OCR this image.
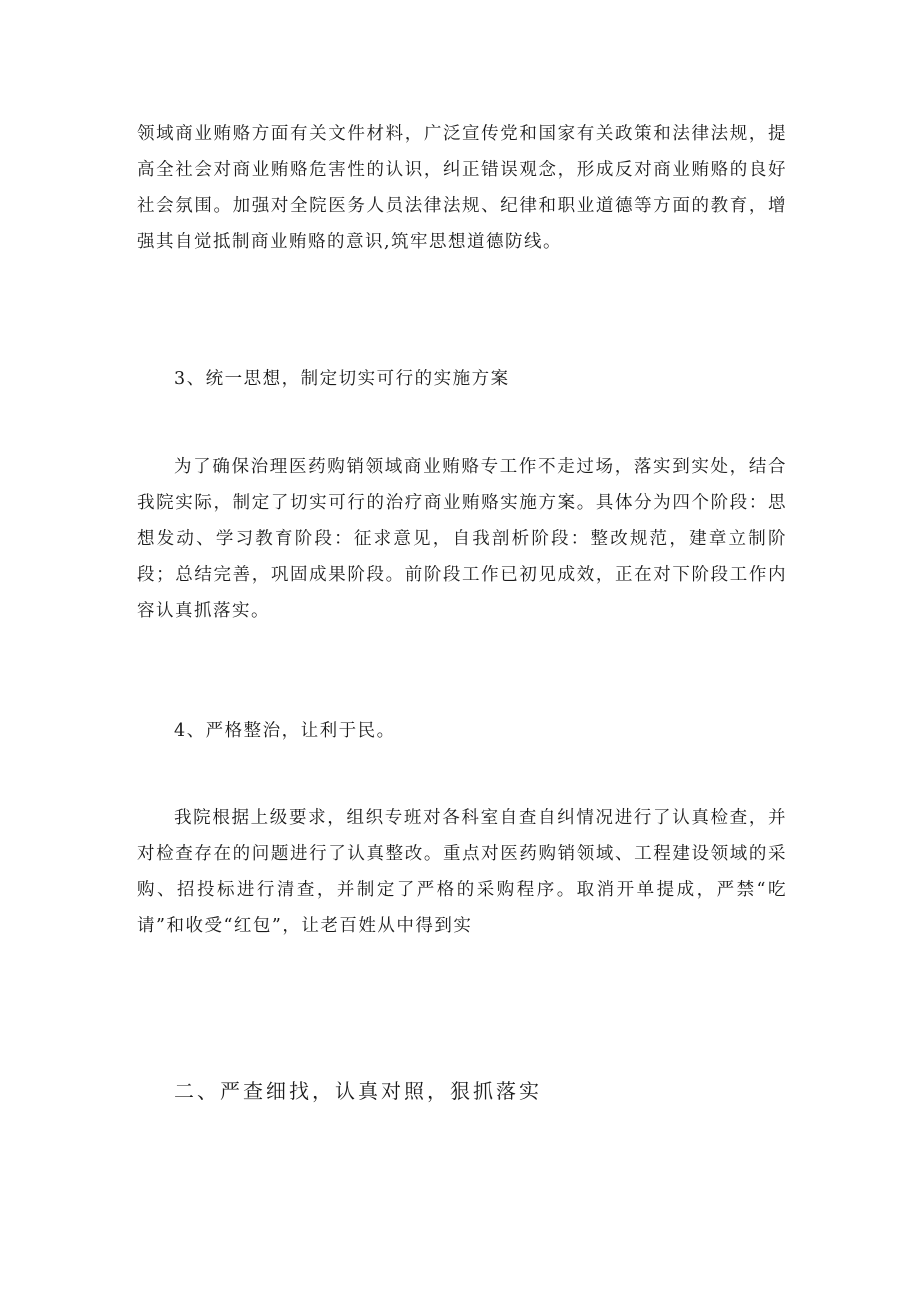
领域商业贿赂方面有关文件材料，广泛宣传党和国家有关政策和法律法规，提高全社会对商业贿赂危害性的认识，纠正错误观念，形成反对商业贿赂的良好社会氛围。加强对全院医务人员法律法规、纪律和职业道德等方面的教育，增强其自觉抵制商业贿赂的意识,筑牢思想道德防线。

3、统一思想，制定切实可行的实施方案

为了确保治理医药购销领域商业贿赂专工作不走过场，落实到实处，结合我院实际，制定了切实可行的治疗商业贿赂实施方案。具体分为四个阶段：思想发动、学习教育阶段：征求意见，自我剖析阶段：整改规范，建章立制阶段；总结完善，巩固成果阶段。前阶段工作已初见成效，正在对下阶段工作内容认真抓落实。

4、严格整治，让利于民。

我院根据上级要求，组织专班对各科室自查自纠情况进行了认真检查，并对检查存在的问题进行了认真整改。重点对医药购销领域、工程建设领域的采购、招投标进行清查，并制定了严格的采购程序。取消开单提成，严禁“吃请”和收受“红包”，让老百姓从中得到实

二、严查细找，认真对照，狠抓落实
